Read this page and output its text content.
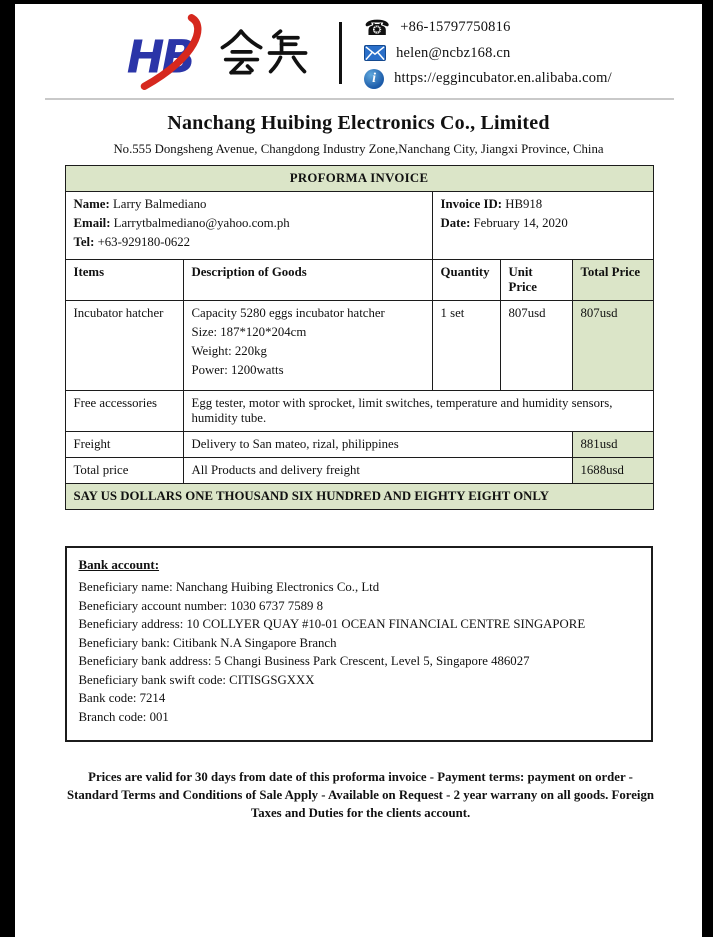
HB
☎ +86-15797750816
helen@ncbz168.cn
i	https://eggincubator.en.alibaba.com/
Nanchang Huibing Electronics Co., Limited
No.555 Dongsheng Avenue, Changdong Industry Zone,Nanchang City, Jiangxi Province, China
PROFORMA INVOICE				

Name: Larry Balmediano
Email: Larrytbalmediano@yahoo.com.ph
Tel: +63-929180-0622

Invoice ID: HB918
Date: February 14, 2020

Items	Description of Goods	Quantity	Unit Price	Total Price
Incubator hatcher	Capacity 5280 eggs incubator hatcher
Size: 187*120*204cm
Weight: 220kg
Power: 1200watts	1 set	807usd	807usd
Free accessories	Egg tester, motor with sprocket, limit switches, temperature and humidity sensors, humidity tube.			
Freight	Delivery to San mateo, rizal, philippines			881usd
Total price	All Products and delivery freight			1688usd
SAY US DOLLARS ONE THOUSAND SIX HUNDRED AND EIGHTY EIGHT ONLY				
Bank account:
Beneficiary name: Nanchang Huibing Electronics Co., Ltd
Beneficiary account number: 1030 6737 7589 8
Beneficiary address: 10 COLLYER QUAY #10-01 OCEAN FINANCIAL CENTRE SINGAPORE
Beneficiary bank: Citibank N.A Singapore Branch
Beneficiary bank address: 5 Changi Business Park Crescent, Level 5, Singapore 486027
Beneficiary bank swift code: CITISGSGXXX
Bank code: 7214
Branch code: 001
Prices are valid for 30 days from date of this proforma invoice - Payment terms: payment on order - Standard Terms and Conditions of Sale Apply - Available on Request - 2 year warrany on all goods. Foreign Taxes and Duties for the clients account.
